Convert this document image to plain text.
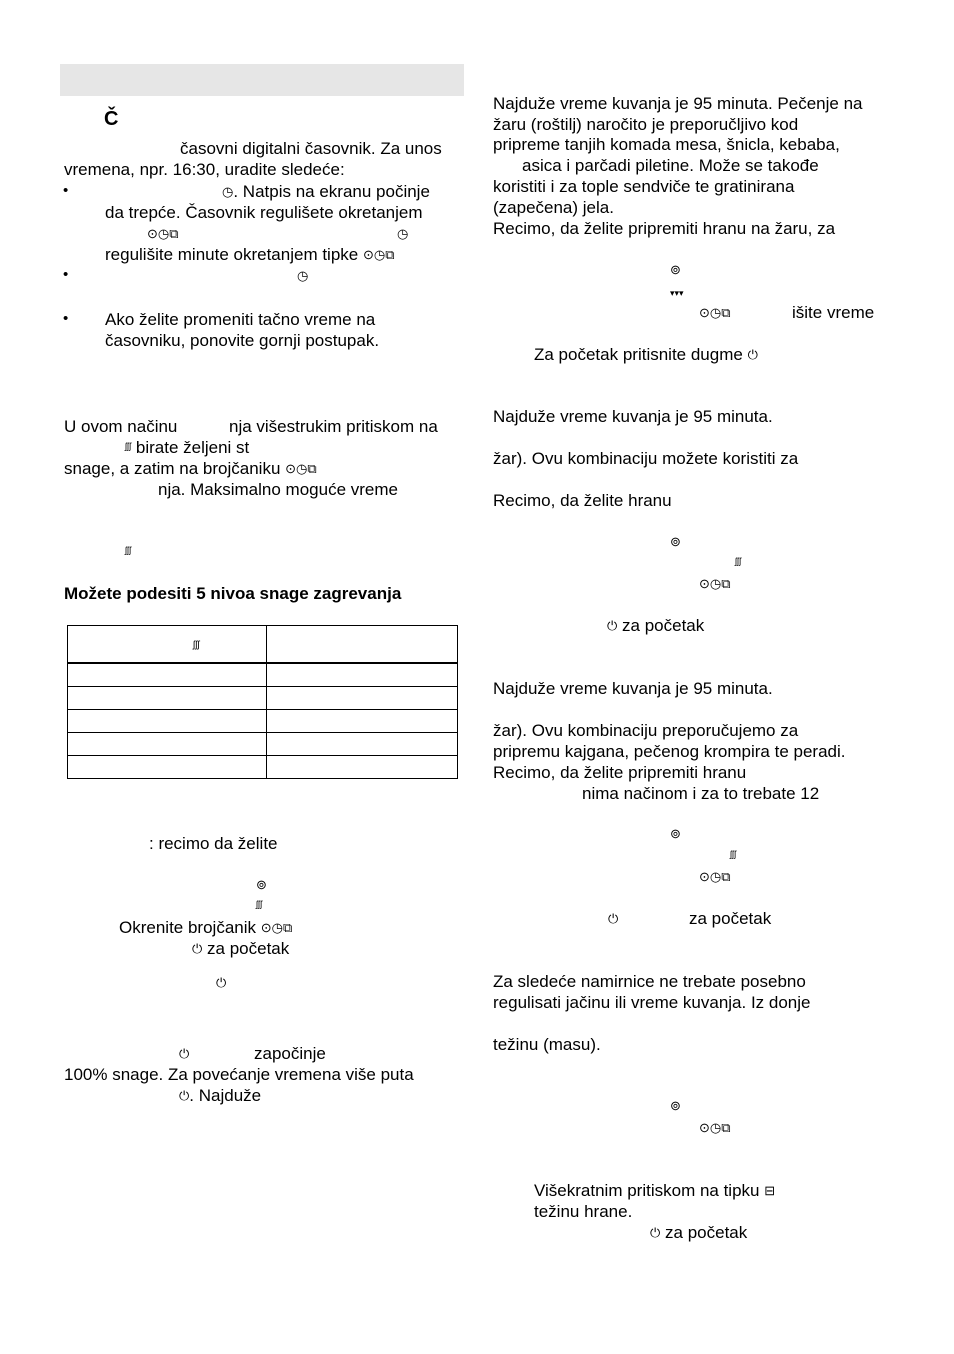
Č
časovni digitalni časovnik. Za unos
vremena, npr. 16:30, uradite sledeće:
•	◷. Natpis na ekranu počinje
da trepće. Časovnik regulišete okretanjem
⊙◷⧉	◷
regulišite minute okretanjem tipke ⊙◷⧉
•	◷
• Ako želite promeniti tačno vreme na
časovniku, ponovite gornji postupak.
U ovom načinu	nja višestrukim pritiskom na
ᶴᶴᶴ birate željeni st
snage, a zatim na brojčaniku ⊙◷⧉
nja. Maksimalno moguće vreme
ᶴᶴᶴ
Možete podesiti 5 nivoa snage zagrevanja
ᶴᶴᶴ	

: recimo da želite
⊚
ᶴᶴᶴ
Okrenite brojčanik ⊙◷⧉
⏻ za početak
⏻
⏻	započinje
100% snage. Za povećanje vremena više puta
⏻. Najduže
Najduže vreme kuvanja je 95 minuta. Pečenje na
žaru (roštilj) naročito je preporučljivo kod
pripreme tanjih komada mesa, šnicla, kebaba,
asica i parčadi piletine. Može se takođe
koristiti i za tople sendviče te gratinirana
(zapečena) jela.
Recimo, da želite pripremiti hranu na žaru, za
⊚
▾▾▾
⊙◷⧉	išite vreme
Za početak pritisnite dugme ⏻
Najduže vreme kuvanja je 95 minuta.
žar). Ovu kombinaciju možete koristiti za
Recimo, da želite hranu
⊚
ᶴᶴᶴ
⊙◷⧉
⏻ za početak
Najduže vreme kuvanja je 95 minuta.
žar). Ovu kombinaciju preporučujemo za
pripremu kajgana, pečenog krompira te peradi.
Recimo, da želite pripremiti hranu
nima načinom i za to trebate 12
⊚
ᶴᶴᶴ
⊙◷⧉
⏻	za početak
Za sledeće namirnice ne trebate posebno
regulisati jačinu ili vreme kuvanja. Iz donje
težinu (masu).
⊚
⊙◷⧉
Višekratnim pritiskom na tipku ⊟
težinu hrane.
⏻ za početak
